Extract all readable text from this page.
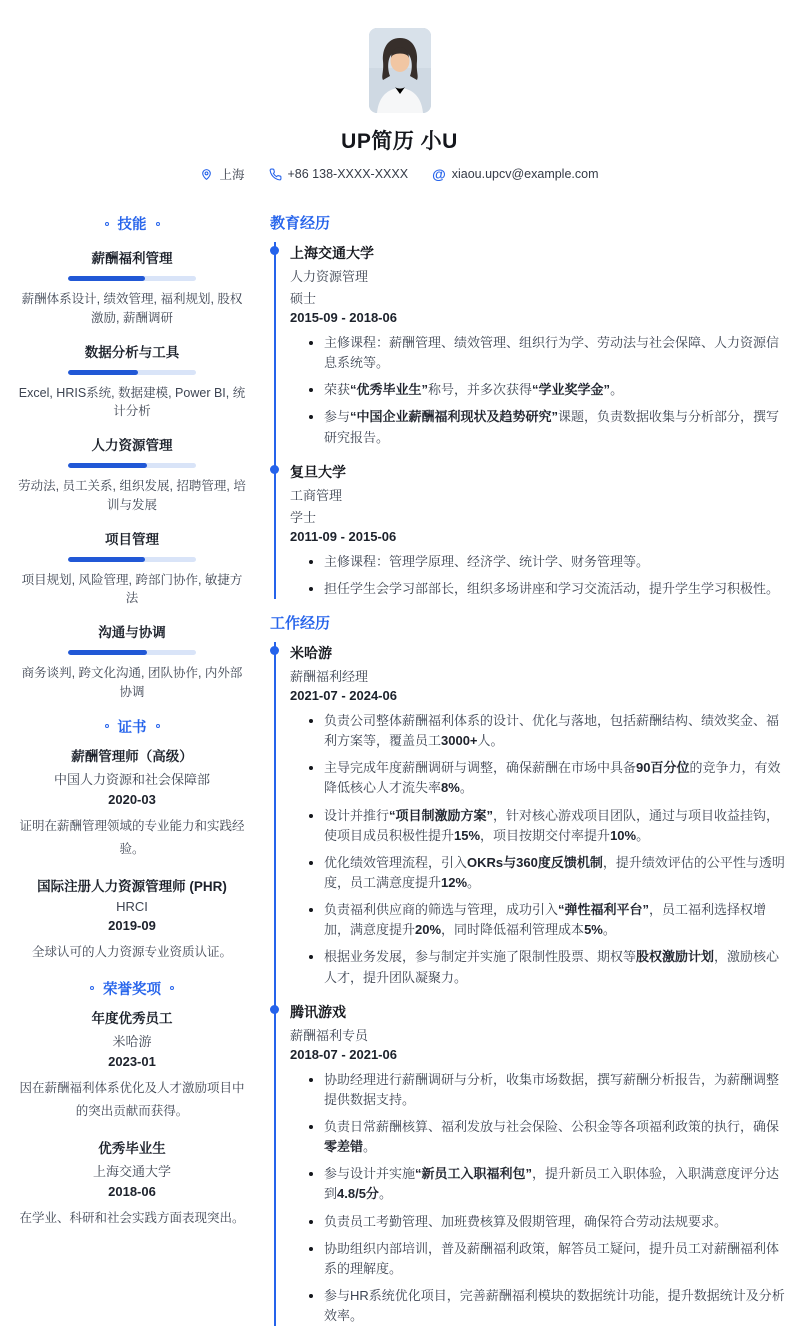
UP简历 小U
上海	+86 138-XXXX-XXXX @ xiaou.upcv@example.com
技能
薪酬福利管理
薪酬体系设计, 绩效管理, 福利规划, 股权激励, 薪酬调研
数据分析与工具
Excel, HRIS系统, 数据建模, Power BI, 统计分析
人力资源管理
劳动法, 员工关系, 组织发展, 招聘管理, 培训与发展
项目管理
项目规划, 风险管理, 跨部门协作, 敏捷方法
沟通与协调
商务谈判, 跨文化沟通, 团队协作, 内外部协调
证书
薪酬管理师（高级）
中国人力资源和社会保障部
2020-03
证明在薪酬管理领域的专业能力和实践经验。
国际注册人力资源管理师 (PHR)
HRCI
2019-09
全球认可的人力资源专业资质认证。
荣誉奖项
年度优秀员工
米哈游
2023-01
因在薪酬福利体系优化及人才激励项目中的突出贡献而获得。
优秀毕业生
上海交通大学
2018-06
在学业、科研和社会实践方面表现突出。
教育经历
上海交通大学
人力资源管理
硕士
2015-09 - 2018-06
• 主修课程：薪酬管理、绩效管理、组织行为学、劳动法与社会保障、人力资源信息系统等。
• 荣获“优秀毕业生”称号，并多次获得“学业奖学金”。
• 参与“中国企业薪酬福利现状及趋势研究”课题，负责数据收集与分析部分，撰写研究报告。
复旦大学
工商管理
学士
2011-09 - 2015-06
• 主修课程：管理学原理、经济学、统计学、财务管理等。
• 担任学生会学习部部长，组织多场讲座和学习交流活动，提升学生学习积极性。
工作经历
米哈游
薪酬福利经理
2021-07 - 2024-06
• 负责公司整体薪酬福利体系的设计、优化与落地，包括薪酬结构、绩效奖金、福利方案等，覆盖员工3000+人。
• 主导完成年度薪酬调研与调整，确保薪酬在市场中具备90百分位的竞争力，有效降低核心人才流失率8%。
• 设计并推行“项目制激励方案”，针对核心游戏项目团队，通过与项目收益挂钩，使项目成员积极性提升15%，项目按期交付率提升10%。
• 优化绩效管理流程，引入OKRs与360度反馈机制，提升绩效评估的公平性与透明度，员工满意度提升12%。
• 负责福利供应商的筛选与管理，成功引入“弹性福利平台”，员工福利选择权增加，满意度提升20%，同时降低福利管理成本5%。
• 根据业务发展，参与制定并实施了限制性股票、期权等股权激励计划，激励核心人才，提升团队凝聚力。
腾讯游戏
薪酬福利专员
2018-07 - 2021-06
• 协助经理进行薪酬调研与分析，收集市场数据，撰写薪酬分析报告，为薪酬调整提供数据支持。
• 负责日常薪酬核算、福利发放与社会保险、公积金等各项福利政策的执行，确保零差错。
• 参与设计并实施“新员工入职福利包”，提升新员工入职体验，入职满意度评分达到4.8/5分。
• 负责员工考勤管理、加班费核算及假期管理，确保符合劳动法规要求。
• 协助组织内部培训，普及薪酬福利政策，解答员工疑问，提升员工对薪酬福利体系的理解度。
• 参与HR系统优化项目，完善薪酬福利模块的数据统计功能，提升数据统计及分析效率。
